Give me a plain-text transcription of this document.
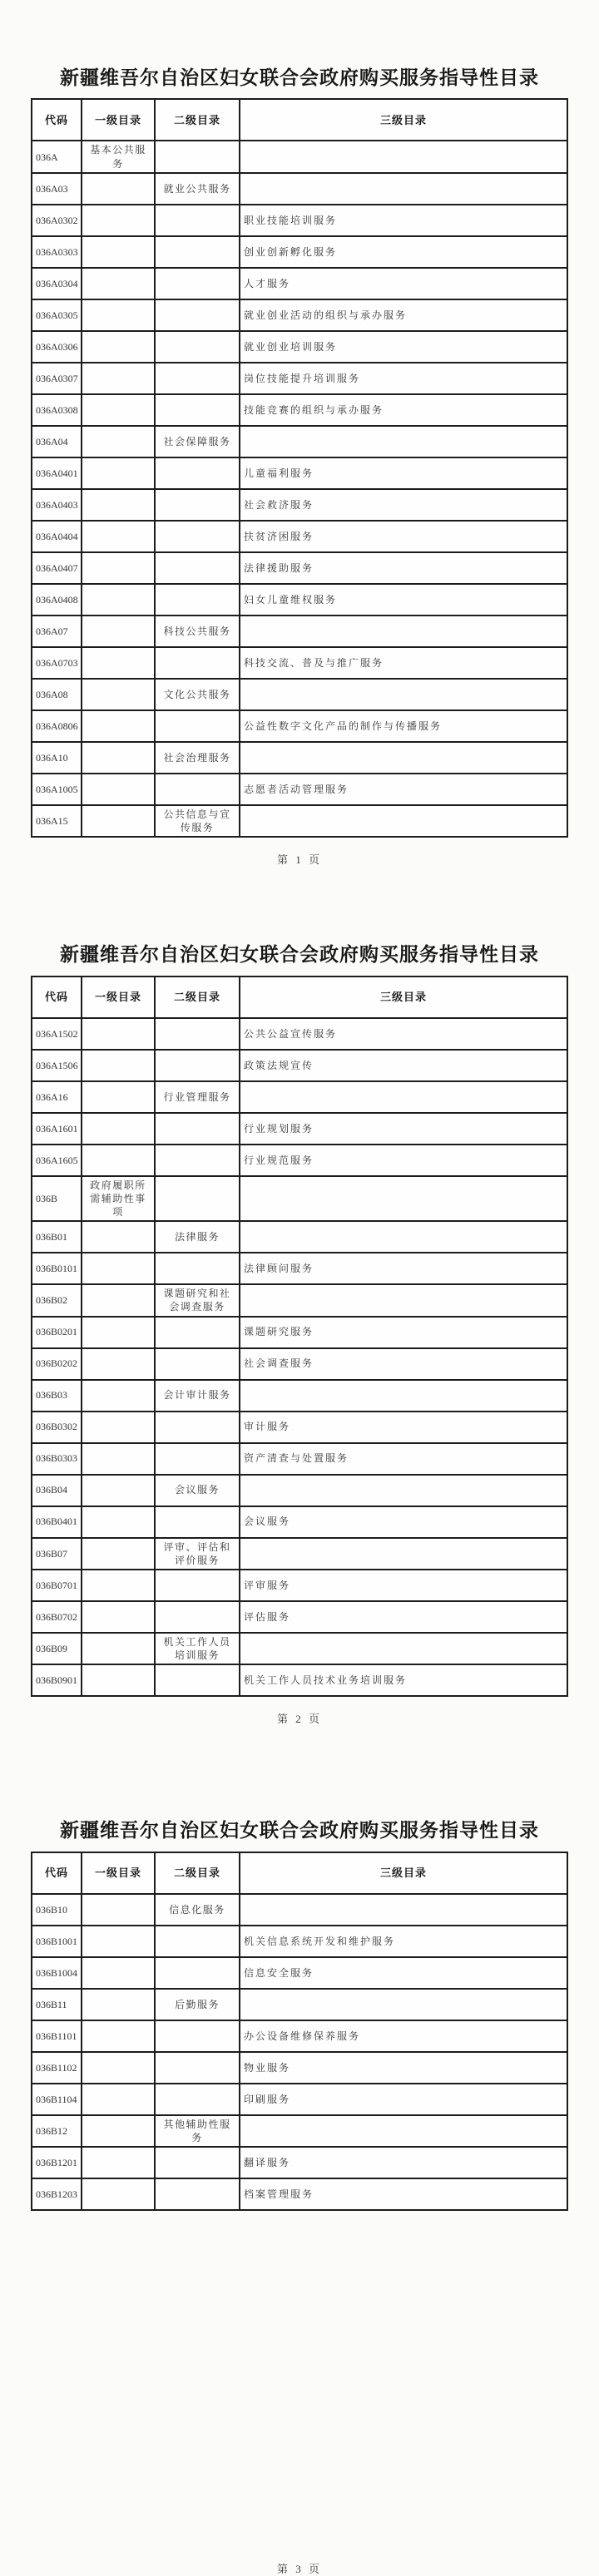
新疆维吾尔自治区妇女联合会政府购买服务指导性目录
代码	一级目录	二级目录	三级目录
036A	基本公共服务		
036A03		就业公共服务	
036A0302			职业技能培训服务
036A0303			创业创新孵化服务
036A0304			人才服务
036A0305			就业创业活动的组织与承办服务
036A0306			就业创业培训服务
036A0307			岗位技能提升培训服务
036A0308			技能竞赛的组织与承办服务
036A04		社会保障服务	
036A0401			儿童福利服务
036A0403			社会救济服务
036A0404			扶贫济困服务
036A0407			法律援助服务
036A0408			妇女儿童维权服务
036A07		科技公共服务	
036A0703			科技交流、普及与推广服务
036A08		文化公共服务	
036A0806			公益性数字文化产品的制作与传播服务
036A10		社会治理服务	
036A1005			志愿者活动管理服务
036A15		公共信息与宣传服务	
第 1 页
新疆维吾尔自治区妇女联合会政府购买服务指导性目录
代码	一级目录	二级目录	三级目录
036A1502			公共公益宣传服务
036A1506			政策法规宣传
036A16		行业管理服务	
036A1601			行业规划服务
036A1605			行业规范服务
036B	政府履职所需辅助性事项		
036B01		法律服务	
036B0101			法律顾问服务
036B02		课题研究和社会调查服务	
036B0201			课题研究服务
036B0202			社会调查服务
036B03		会计审计服务	
036B0302			审计服务
036B0303			资产清查与处置服务
036B04		会议服务	
036B0401			会议服务
036B07		评审、评估和评价服务	
036B0701			评审服务
036B0702			评估服务
036B09		机关工作人员培训服务	
036B0901			机关工作人员技术业务培训服务
第 2 页
新疆维吾尔自治区妇女联合会政府购买服务指导性目录
代码	一级目录	二级目录	三级目录
036B10		信息化服务	
036B1001			机关信息系统开发和维护服务
036B1004			信息安全服务
036B11		后勤服务	
036B1101			办公设备维修保养服务
036B1102			物业服务
036B1104			印刷服务
036B12		其他辅助性服务	
036B1201			翻译服务
036B1203			档案管理服务
第 3 页
